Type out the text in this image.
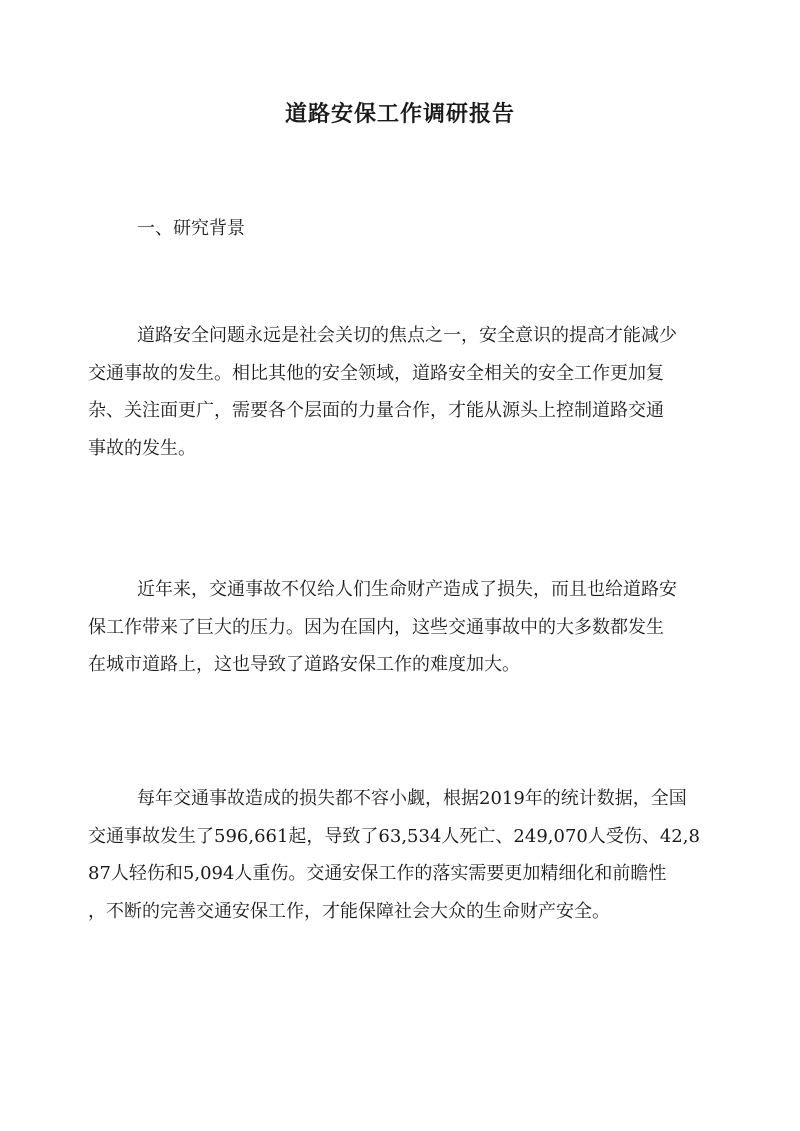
道路安保工作调研报告
一、研究背景

道路安全问题永远是社会关切的焦点之一，安全意识的提高才能减少
交通事故的发生。相比其他的安全领域，道路安全相关的安全工作更加复
杂、关注面更广，需要各个层面的力量合作，才能从源头上控制道路交通
事故的发生。

近年来，交通事故不仅给人们生命财产造成了损失，而且也给道路安
保工作带来了巨大的压力。因为在国内，这些交通事故中的大多数都发生
在城市道路上，这也导致了道路安保工作的难度加大。

每年交通事故造成的损失都不容小觑，根据2019年的统计数据，全国
交通事故发生了596,661起，导致了63,534人死亡、249,070人受伤、42,8
87人轻伤和5,094人重伤。交通安保工作的落实需要更加精细化和前瞻性
，不断的完善交通安保工作，才能保障社会大众的生命财产安全。
